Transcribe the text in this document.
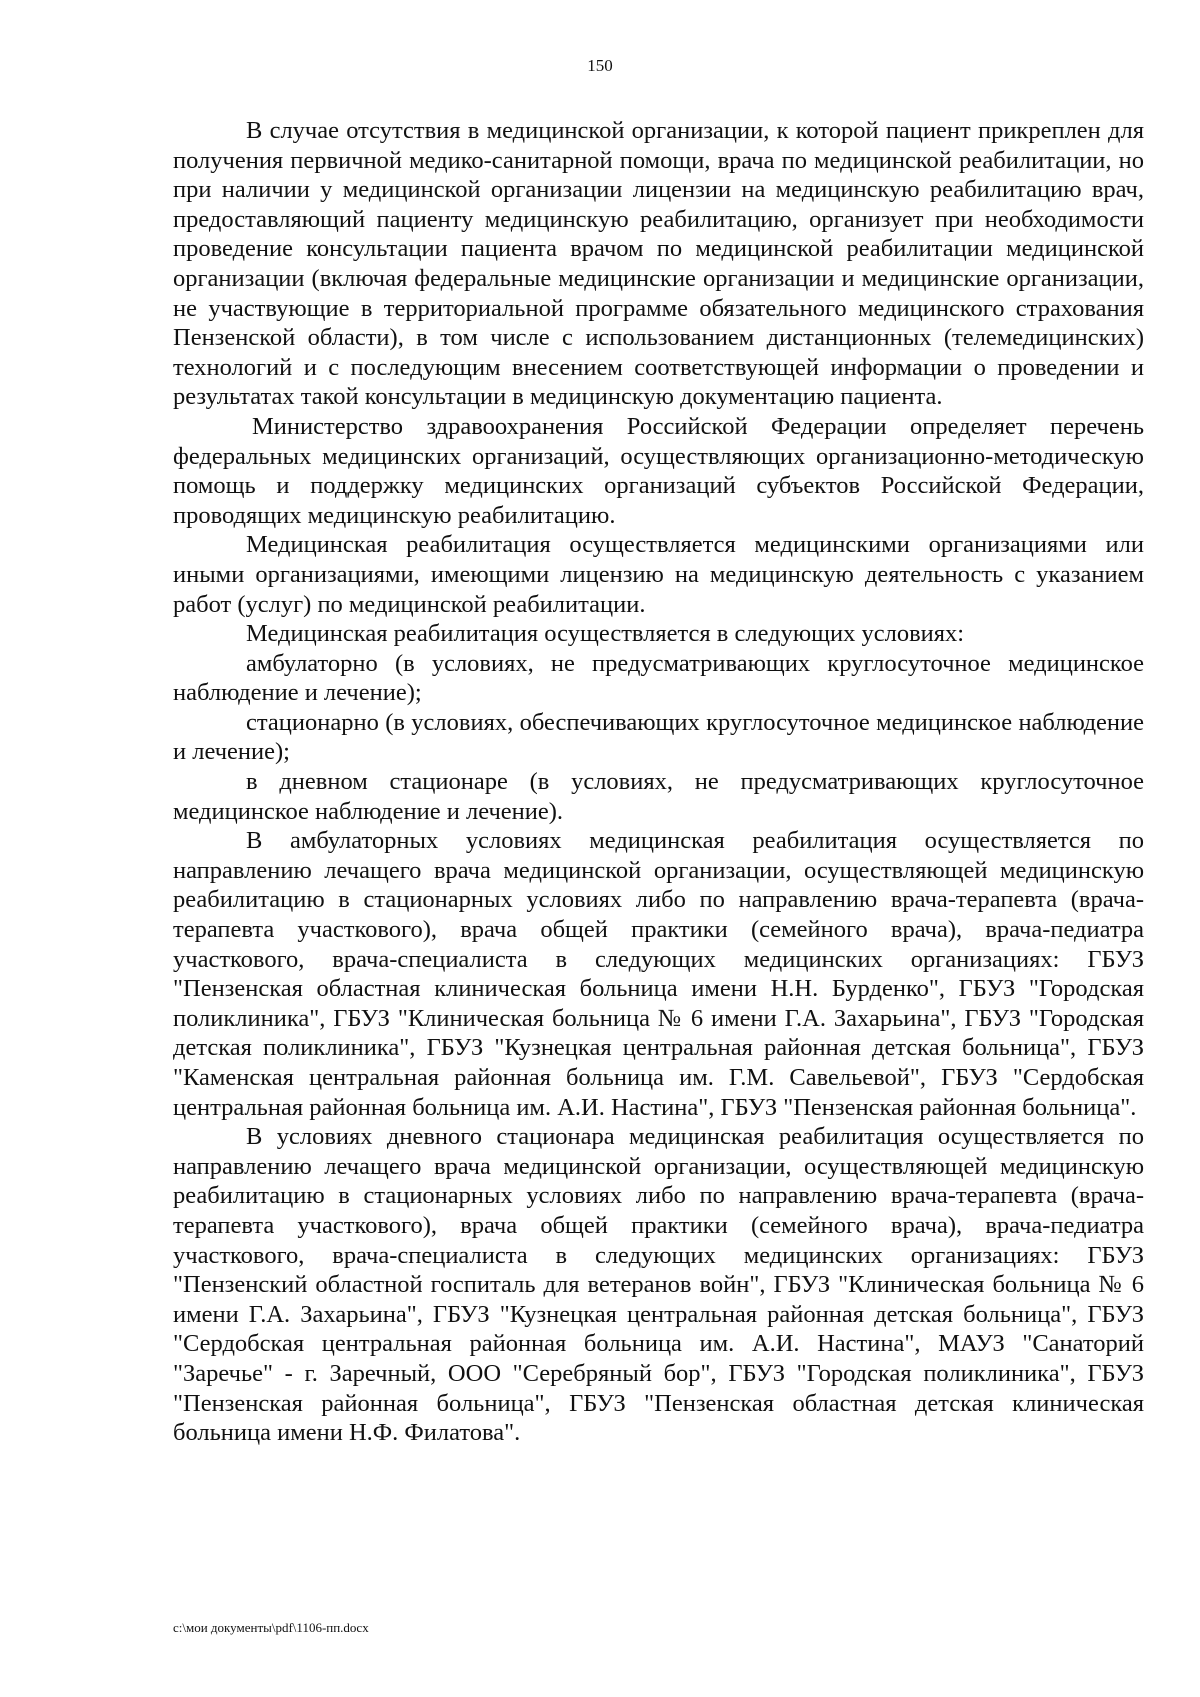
150

В случае отсутствия в медицинской организации, к которой пациент прикреплен для получения первичной медико-санитарной помощи, врача по медицинской реабилитации, но при наличии у медицинской организации лицензии на медицинскую реабилитацию врач, предоставляющий пациенту медицинскую реабилитацию, организует при необходимости проведение консультации пациента врачом по медицинской реабилитации медицинской организации (включая федеральные медицинские организации и медицинские организации, не участвующие в территориальной программе обязательного медицинского страхования Пензенской области), в том числе с использованием дистанционных (телемедицинских) технологий и с последующим внесением соответствующей информации о проведении и результатах такой консультации в медицинскую документацию пациента.

Министерство здравоохранения Российской Федерации определяет перечень федеральных медицинских организаций, осуществляющих организационно-методическую помощь и поддержку медицинских организаций субъектов Российской Федерации, проводящих медицинскую реабилитацию.

Медицинская реабилитация осуществляется медицинскими организациями или иными организациями, имеющими лицензию на медицинскую деятельность с указанием работ (услуг) по медицинской реабилитации.

Медицинская реабилитация осуществляется в следующих условиях:

амбулаторно (в условиях, не предусматривающих круглосуточное медицинское наблюдение и лечение);

стационарно (в условиях, обеспечивающих круглосуточное медицинское наблюдение и лечение);

в дневном стационаре (в условиях, не предусматривающих круглосуточное медицинское наблюдение и лечение).

В амбулаторных условиях медицинская реабилитация осуществляется по направлению лечащего врача медицинской организации, осуществляющей медицинскую реабилитацию в стационарных условиях либо по направлению врача-терапевта (врача-терапевта участкового), врача общей практики (семейного врача), врача-педиатра участкового, врача-специалиста в следующих медицинских организациях: ГБУЗ "Пензенская областная клиническая больница имени Н.Н. Бурденко", ГБУЗ "Городская поликлиника", ГБУЗ "Клиническая больница № 6 имени Г.А. Захарьина", ГБУЗ "Городская детская поликлиника", ГБУЗ "Кузнецкая центральная районная детская больница", ГБУЗ "Каменская центральная районная больница им. Г.М. Савельевой", ГБУЗ "Сердобская центральная районная больница им. А.И. Настина", ГБУЗ "Пензенская районная больница".

В условиях дневного стационара медицинская реабилитация осуществляется по направлению лечащего врача медицинской организации, осуществляющей медицинскую реабилитацию в стационарных условиях либо по направлению врача-терапевта (врача-терапевта участкового), врача общей практики (семейного врача), врача-педиатра участкового, врача-специалиста в следующих медицинских организациях: ГБУЗ "Пензенский областной госпиталь для ветеранов войн", ГБУЗ "Клиническая больница № 6 имени Г.А. Захарьина", ГБУЗ "Кузнецкая центральная районная детская больница", ГБУЗ "Сердобская центральная районная больница им. А.И. Настина", МАУЗ "Санаторий "Заречье" - г. Заречный, ООО "Серебряный бор", ГБУЗ "Городская поликлиника", ГБУЗ "Пензенская районная больница", ГБУЗ "Пензенская областная детская клиническая больница имени Н.Ф. Филатова".

c:\мои документы\pdf\1106-пп.docx
